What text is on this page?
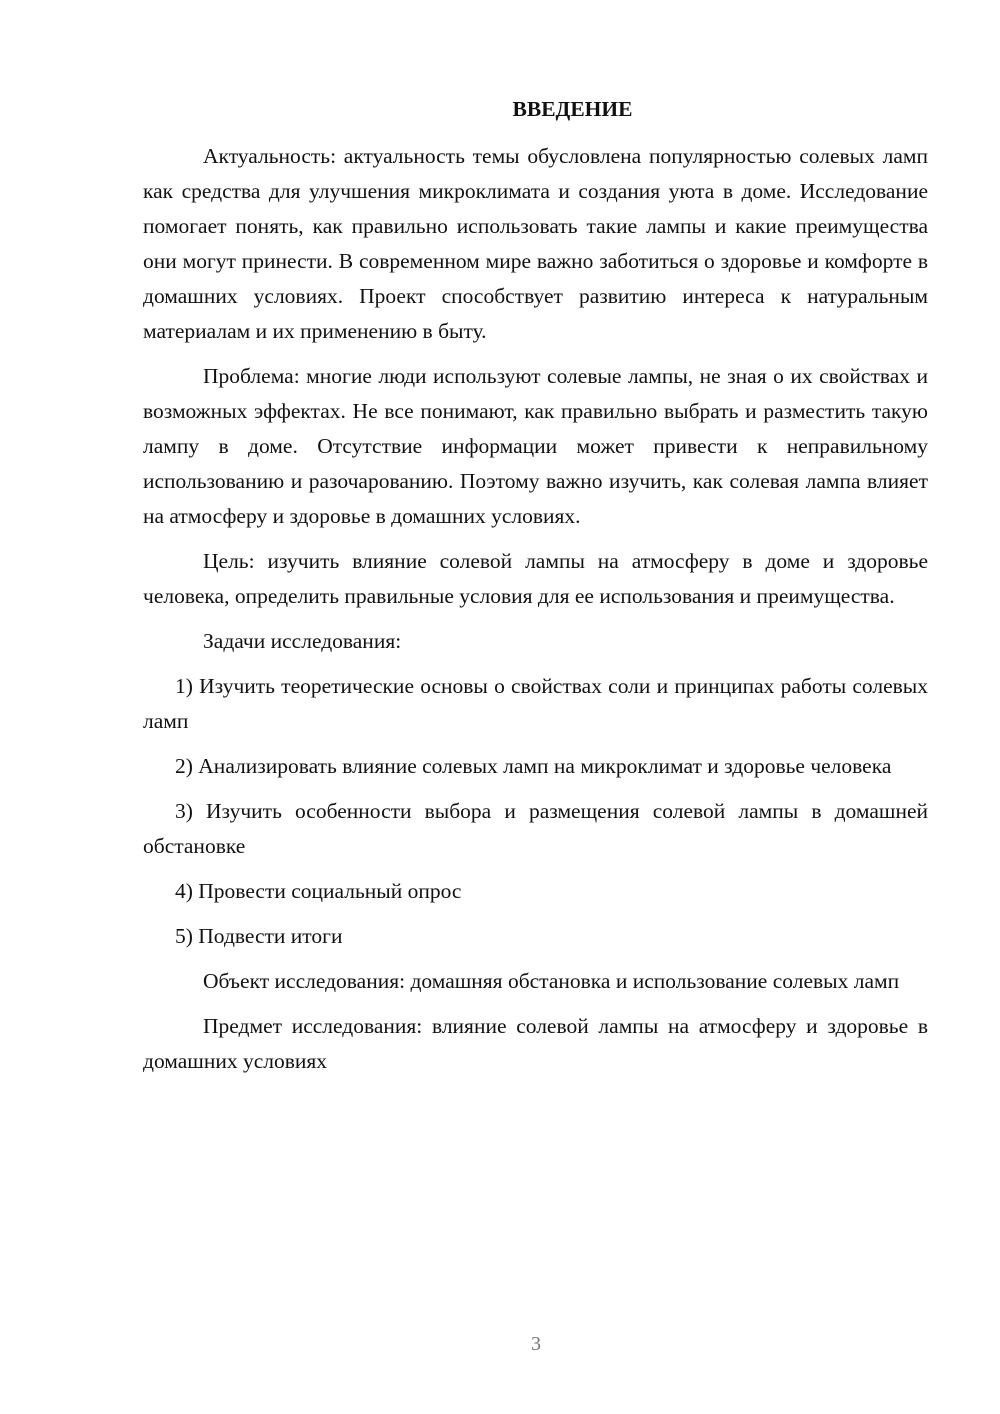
ВВЕДЕНИЕ

Актуальность: актуальность темы обусловлена популярностью солевых ламп как средства для улучшения микроклимата и создания уюта в доме. Исследование помогает понять, как правильно использовать такие лампы и какие преимущества они могут принести. В современном мире важно заботиться о здоровье и комфорте в домашних условиях. Проект способствует развитию интереса к натуральным материалам и их применению в быту.

Проблема: многие люди используют солевые лампы, не зная о их свойствах и возможных эффектах. Не все понимают, как правильно выбрать и разместить такую лампу в доме. Отсутствие информации может привести к неправильному использованию и разочарованию. Поэтому важно изучить, как солевая лампа влияет на атмосферу и здоровье в домашних условиях.

Цель: изучить влияние солевой лампы на атмосферу в доме и здоровье человека, определить правильные условия для ее использования и преимущества.

Задачи исследования:

1) Изучить теоретические основы о свойствах соли и принципах работы солевых ламп

2) Анализировать влияние солевых ламп на микроклимат и здоровье человека

3) Изучить особенности выбора и размещения солевой лампы в домашней обстановке

4) Провести социальный опрос

5) Подвести итоги

Объект исследования: домашняя обстановка и использование солевых ламп

Предмет исследования: влияние солевой лампы на атмосферу и здоровье в домашних условиях

3
